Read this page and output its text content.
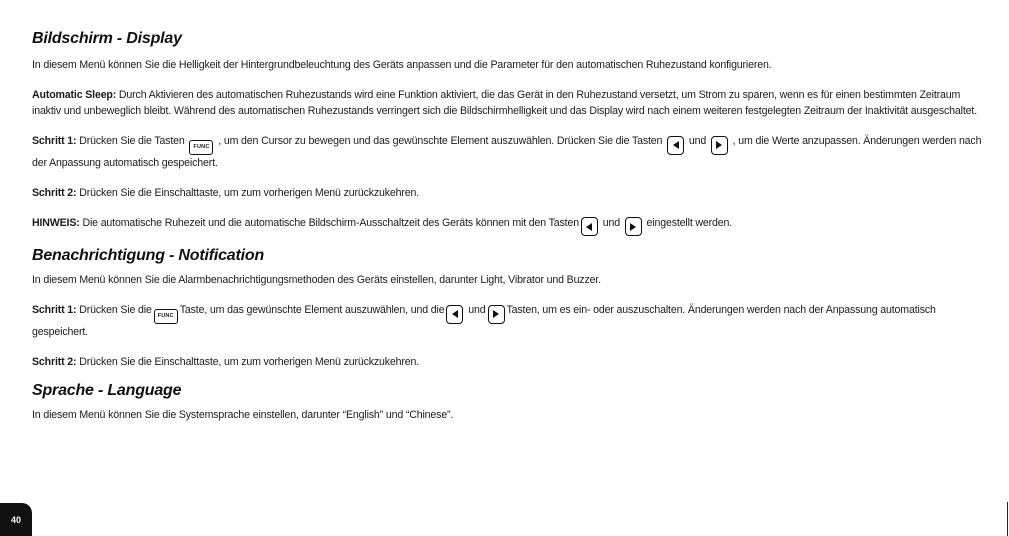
Bildschirm - Display

In diesem Menü können Sie die Helligkeit der Hintergrundbeleuchtung des Geräts anpassen und die Parameter für den automatischen Ruhezustand konfigurieren.

Automatic Sleep: Durch Aktivieren des automatischen Ruhezustands wird eine Funktion aktiviert, die das Gerät in den Ruhezustand versetzt, um Strom zu sparen, wenn es für einen bestimmten Zeitraum inaktiv und unbeweglich bleibt. Während des automatischen Ruhezustands verringert sich die Bildschirmhelligkeit und das Display wird nach einem weiteren festgelegten Zeitraum der Inaktivität ausgeschaltet.

Schritt 1: Drücken Sie die Tasten FUNC , um den Cursor zu bewegen und das gewünschte Element auszuwählen. Drücken Sie die Tasten
und
, um die Werte anzupassen. Änderungen werden nach der Anpassung automatisch gespeichert.

Schritt 2: Drücken Sie die Einschalttaste, um zum vorherigen Menü zurückzukehren.

HINWEIS: Die automatische Ruhezeit und die automatische Bildschirm-Ausschaltzeit des Geräts können mit den Tasten
und
eingestellt werden.

Benachrichtigung - Notification

In diesem Menü können Sie die Alarmbenachrichtigungsmethoden des Geräts einstellen, darunter Light, Vibrator und Buzzer.

Schritt 1: Drücken Sie die FUNC Taste, um das gewünschte Element auszuwählen, und die
und Tasten, um es ein- oder auszuschalten. Änderungen werden nach der Anpassung automatisch gespeichert.

Schritt 2: Drücken Sie die Einschalttaste, um zum vorherigen Menü zurückzukehren.

Sprache - Language

In diesem Menü können Sie die Systemsprache einstellen, darunter “English” und “Chinese”.

40
